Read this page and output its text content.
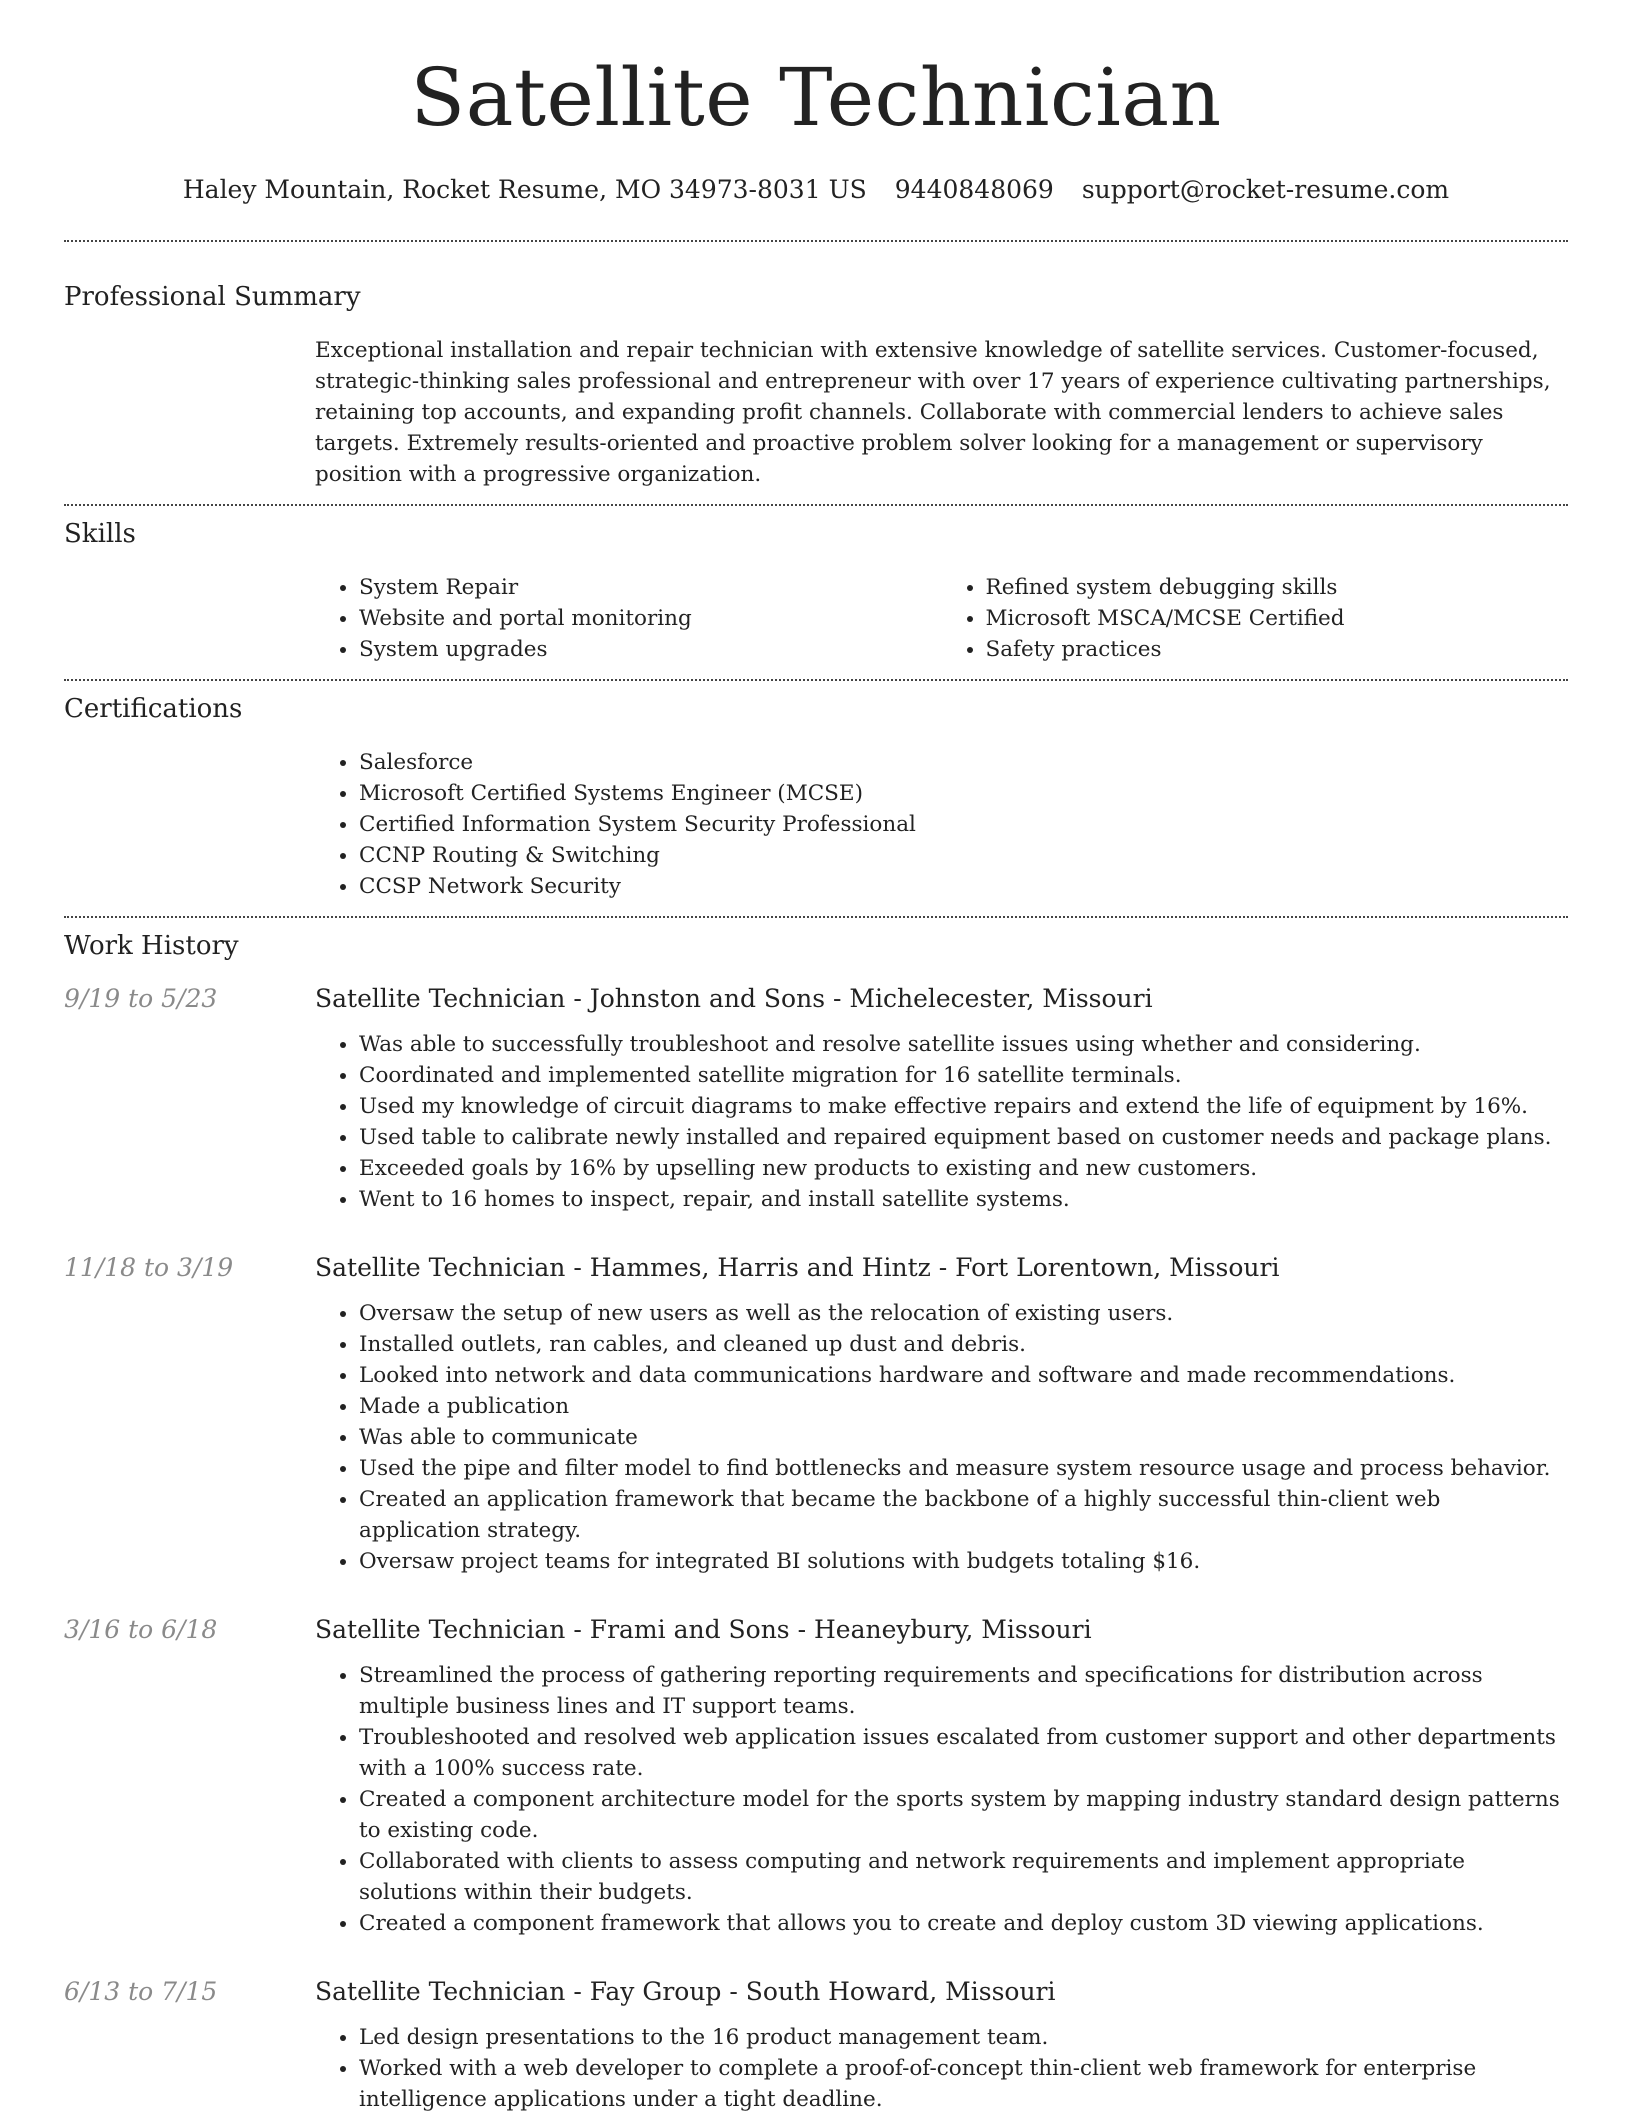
Satellite Technician
Haley Mountain, Rocket Resume, MO 34973-8031 US 9440848069 support@rocket-resume.com
Professional Summary

Exceptional installation and repair technician with extensive knowledge of satellite services. Customer-focused, strategic-thinking sales professional and entrepreneur with over 17 years of experience cultivating partnerships, retaining top accounts, and expanding profit channels. Collaborate with commercial lenders to achieve sales targets. Extremely results-oriented and proactive problem solver looking for a management or supervisory position with a progressive organization.

Skills
• System Repair
• Website and portal monitoring
• System upgrades
• Refined system debugging skills
• Microsoft MSCA/MCSE Certified
• Safety practices
Certifications
• Salesforce
• Microsoft Certified Systems Engineer (MCSE)
• Certified Information System Security Professional
• CCNP Routing & Switching
• CCSP Network Security
Work History
9/19 to 5/23	Satellite Technician - Johnston and Sons - Michelecester, Missouri
• Was able to successfully troubleshoot and resolve satellite issues using whether and considering.
• Coordinated and implemented satellite migration for 16 satellite terminals.
• Used my knowledge of circuit diagrams to make effective repairs and extend the life of equipment by 16%.
• Used table to calibrate newly installed and repaired equipment based on customer needs and package plans.
• Exceeded goals by 16% by upselling new products to existing and new customers.
• Went to 16 homes to inspect, repair, and install satellite systems.
11/18 to 3/19	Satellite Technician - Hammes, Harris and Hintz - Fort Lorentown, Missouri
• Oversaw the setup of new users as well as the relocation of existing users.
• Installed outlets, ran cables, and cleaned up dust and debris.
• Looked into network and data communications hardware and software and made recommendations.
• Made a publication
• Was able to communicate
• Used the pipe and filter model to find bottlenecks and measure system resource usage and process behavior.
• Created an application framework that became the backbone of a highly successful thin-client web application strategy.
• Oversaw project teams for integrated BI solutions with budgets totaling $16.
3/16 to 6/18	Satellite Technician - Frami and Sons - Heaneybury, Missouri
• Streamlined the process of gathering reporting requirements and specifications for distribution across multiple business lines and IT support teams.
• Troubleshooted and resolved web application issues escalated from customer support and other departments with a 100% success rate.
• Created a component architecture model for the sports system by mapping industry standard design patterns to existing code.
• Collaborated with clients to assess computing and network requirements and implement appropriate solutions within their budgets.
• Created a component framework that allows you to create and deploy custom 3D viewing applications.
6/13 to 7/15	Satellite Technician - Fay Group - South Howard, Missouri
• Led design presentations to the 16 product management team.
• Worked with a web developer to complete a proof-of-concept thin-client web framework for enterprise intelligence applications under a tight deadline.
